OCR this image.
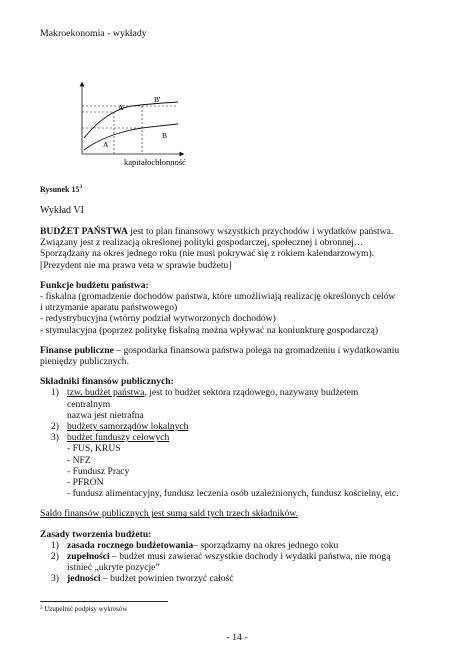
Makroekonomia - wykłady
A'
B'
B
A
kapitałochłonność
Rysunek $15^3$
Wykład VI

BUDŻET PAŃSTWA jest to plan finansowy wszystkich przychodów i wydatków państwa.

Związany jest z realizacją określonej polityki gospodarczej, społecznej i obronnej…

Sporządzany na okres jednego roku (nie musi pokrywać się z rokiem kalendarzowym).

[Prezydent nie ma prawa veta w sprawie budżetu]

Funkcje budżetu państwa:

- fiskalna (gromadzenie dochodów państwa, które umożliwiają realizację określonych celów

i utrzymanie aparatu państwowego)

- redystrybucyjna (wtórny podział wytworzonych dochodów)

- stymulacyjna (poprzez politykę fiskalną można wpływać na koniunkturę gospodarczą)

Finanse publiczne – gospodarka finansowa państwa polega na gromadzeniu i wydatkowaniu

pieniędzy publicznych.

Składniki finansów publicznych:

1) tzw. budżet państwa, jest to budżet sektora rządowego, nazywany budżetem
centralnym
nazwa jest nietrafna
2) budżety samorządów lokalnych
3) budżet funduszy celowych

- FUS, KRUS

- NFZ

- Fundusz Pracy

- PFRON

- fundusz alimentacyjny, fundusz leczenia osób uzależnionych, fundusz kościelny, etc.

Saldo finansów publicznych jest sumą sald tych trzech składników.

Zasady tworzenia budżetu:

1) zasada rocznego budżetowania– sporządzamy na okres jednego roku
2) zupełności – budżet musi zawierać wszystkie dochody i wydatki państwa, nie mogą
istnieć „ukryte pozycje”
3) jedności – budżet powinien tworzyć całość
$^3$ Uzupełnić podpisy wykresów
- 14 -
